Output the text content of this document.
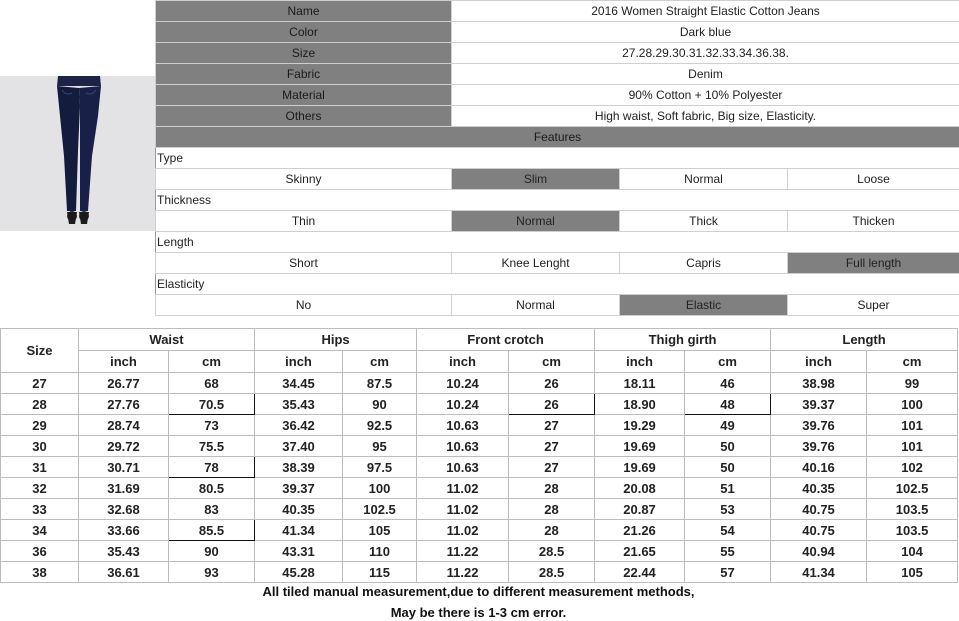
Name	2016 Women Straight Elastic Cotton Jeans		
Color	Dark blue		
Size	27.28.29.30.31.32.33.34.36.38.		
Fabric	Denim		
Material	90% Cotton + 10% Polyester		
Others	High waist, Soft fabric, Big size, Elasticity.		
Features			
Type			
Skinny	Slim	Normal	Loose
Thickness			
Thin	Normal	Thick	Thicken
Length			
Short	Knee Lenght	Capris	Full length
Elasticity			
No	Normal	Elastic	Super
Size	Waist		Hips		Front crotch		Thigh girth		Length	
	inch	cm	inch	cm	inch	cm	inch	cm	inch	cm
27	26.77	68	34.45	87.5	10.24	26	18.11	46	38.98	99
28	27.76	70.5	35.43	90	10.24	26	18.90	48	39.37	100
29	28.74	73	36.42	92.5	10.63	27	19.29	49	39.76	101
30	29.72	75.5	37.40	95	10.63	27	19.69	50	39.76	101
31	30.71	78	38.39	97.5	10.63	27	19.69	50	40.16	102
32	31.69	80.5	39.37	100	11.02	28	20.08	51	40.35	102.5
33	32.68	83	40.35	102.5	11.02	28	20.87	53	40.75	103.5
34	33.66	85.5	41.34	105	11.02	28	21.26	54	40.75	103.5
36	35.43	90	43.31	110	11.22	28.5	21.65	55	40.94	104
38	36.61	93	45.28	115	11.22	28.5	22.44	57	41.34	105
All tiled manual measurement,due to different measurement methods,
May be there is 1-3 cm error.
